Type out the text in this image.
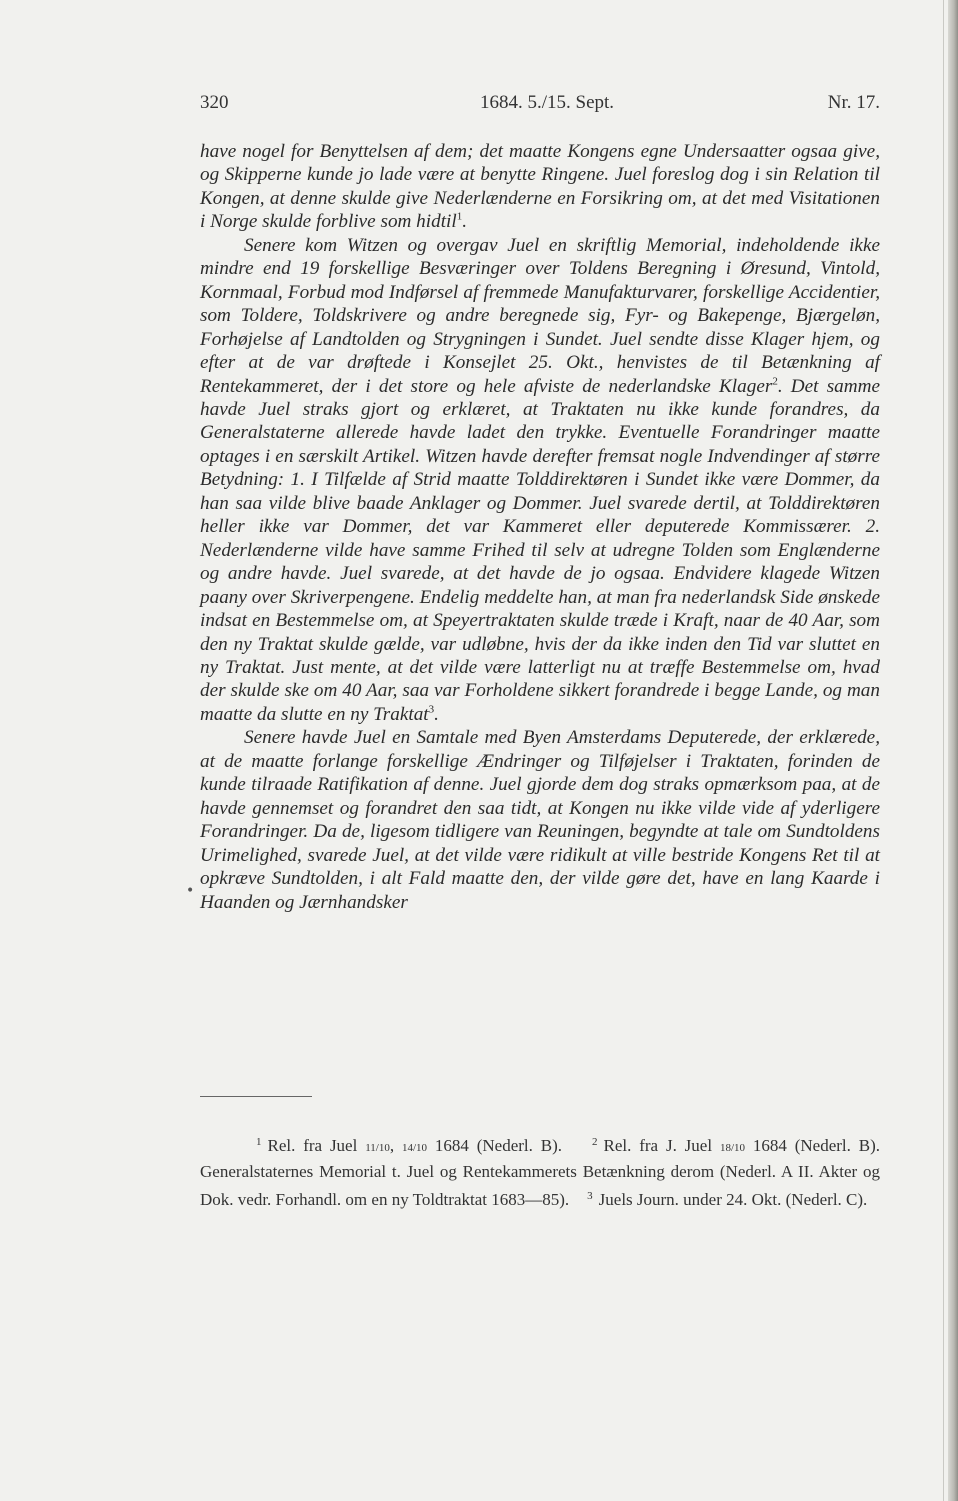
320	1684. 5./15. Sept.	Nr. 17.

have nogel for Benyttelsen af dem; det maatte Kongens egne Undersaatter ogsaa give, og Skipperne kunde jo lade være at benytte Ringene. Juel foreslog dog i sin Relation til Kongen, at denne skulde give Nederlænderne en Forsikring om, at det med Visitationen i Norge skulde forblive som hidtil$^1$.

Senere kom Witzen og overgav Juel en skriftlig Memorial, indeholdende ikke mindre end 19 forskellige Besværinger over Toldens Beregning i Øresund, Vintold, Kornmaal, Forbud mod Indførsel af fremmede Manufakturvarer, forskellige Accidentier, som Toldere, Toldskrivere og andre beregnede sig, Fyr- og Bakepenge, Bjærgeløn, Forhøjelse af Landtolden og Strygningen i Sundet. Juel sendte disse Klager hjem, og efter at de var drøftede i Konsejlet 25. Okt., henvistes de til Betænkning af Rentekammeret, der i det store og hele afviste de nederlandske Klager$^2$. Det samme havde Juel straks gjort og erklæret, at Traktaten nu ikke kunde forandres, da Generalstaterne allerede havde ladet den trykke. Eventuelle Forandringer maatte optages i en særskilt Artikel. Witzen havde derefter fremsat nogle Indvendinger af større Betydning: 1. I Tilfælde af Strid maatte Tolddirektøren i Sundet ikke være Dommer, da han saa vilde blive baade Anklager og Dommer. Juel svarede dertil, at Tolddirektøren heller ikke var Dommer, det var Kammeret eller deputerede Kommissærer. 2. Nederlænderne vilde have samme Frihed til selv at udregne Tolden som Englænderne og andre havde. Juel svarede, at det havde de jo ogsaa. Endvidere klagede Witzen paany over Skriverpengene. Endelig meddelte han, at man fra nederlandsk Side ønskede indsat en Bestemmelse om, at Speyertraktaten skulde træde i Kraft, naar de 40 Aar, som den ny Traktat skulde gælde, var udløbne, hvis der da ikke inden den Tid var sluttet en ny Traktat. Just mente, at det vilde være latterligt nu at træffe Bestemmelse om, hvad der skulde ske om 40 Aar, saa var Forholdene sikkert forandrede i begge Lande, og man maatte da slutte en ny Traktat$^3$.

Senere havde Juel en Samtale med Byen Amsterdams Deputerede, der erklærede, at de maatte forlange forskellige Ændringer og Tilføjelser i Traktaten, forinden de kunde tilraade Ratifikation af denne. Juel gjorde dem dog straks opmærksom paa, at de havde gennemset og forandret den saa tidt, at Kongen nu ikke vilde vide af yderligere Forandringer. Da de, ligesom tidligere van Reuningen, begyndte at tale om Sundtoldens Urimelighed, svarede Juel, at det vilde være ridikult at ville bestride Kongens Ret til at opkræve Sundtolden, i alt Fald maatte den, der vilde gøre det, have en lang Kaarde i Haanden og Jærnhandsker

•
$^1$ Rel. fra Juel 11/10, 14/10 1684 (Nederl. B).	$^2$ Rel. fra J. Juel 18/10 1684 (Nederl. B). Generalstaternes Memorial t. Juel og Rentekammerets Betænkning derom (Nederl. A II. Akter og Dok. vedr. Forhandl. om en ny Toldtraktat 1683—85). $^3$ Juels Journ. under 24. Okt. (Nederl. C).
